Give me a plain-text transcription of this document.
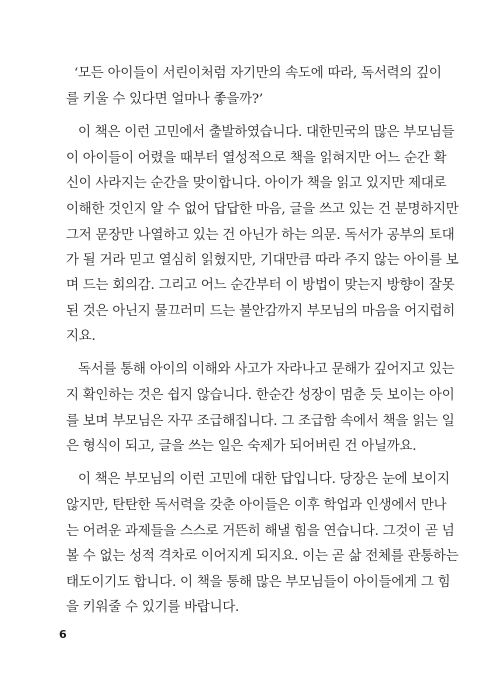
‘모든 아이들이 서린이처럼 자기만의 속도에 따라, 독서력의 깊이
를 키울 수 있다면 얼마나 좋을까?’
이 책은 이런 고민에서 출발하였습니다. 대한민국의 많은 부모님들
이 아이들이 어렸을 때부터 열성적으로 책을 읽혀지만 어느 순간 확
신이 사라지는 순간을 맞이합니다. 아이가 책을 읽고 있지만 제대로
이해한 것인지 알 수 없어 답답한 마음, 글을 쓰고 있는 건 분명하지만
그저 문장만 나열하고 있는 건 아닌가 하는 의문. 독서가 공부의 토대
가 될 거라 믿고 열심히 읽혔지만, 기대만큼 따라 주지 않는 아이를 보
며 드는 회의감. 그리고 어느 순간부터 이 방법이 맞는지 방향이 잘못
된 것은 아닌지 물끄러미 드는 불안감까지 부모님의 마음을 어지럽히
지요.
독서를 통해 아이의 이해와 사고가 자라나고 문해가 깊어지고 있는
지 확인하는 것은 쉽지 않습니다. 한순간 성장이 멈춘 듯 보이는 아이
를 보며 부모님은 자꾸 조급해집니다. 그 조급함 속에서 책을 읽는 일
은 형식이 되고, 글을 쓰는 일은 숙제가 되어버린 건 아닐까요.
이 책은 부모님의 이런 고민에 대한 답입니다. 당장은 눈에 보이지
않지만, 탄탄한 독서력을 갖춘 아이들은 이후 학업과 인생에서 만나
는 어려운 과제들을 스스로 거뜬히 해낼 힘을 연습니다. 그것이 곧 넘
볼 수 없는 성적 격차로 이어지게 되지요. 이는 곧 삶 전체를 관통하는
태도이기도 합니다. 이 책을 통해 많은 부모님들이 아이들에게 그 힘
을 키워줄 수 있기를 바랍니다.
6
